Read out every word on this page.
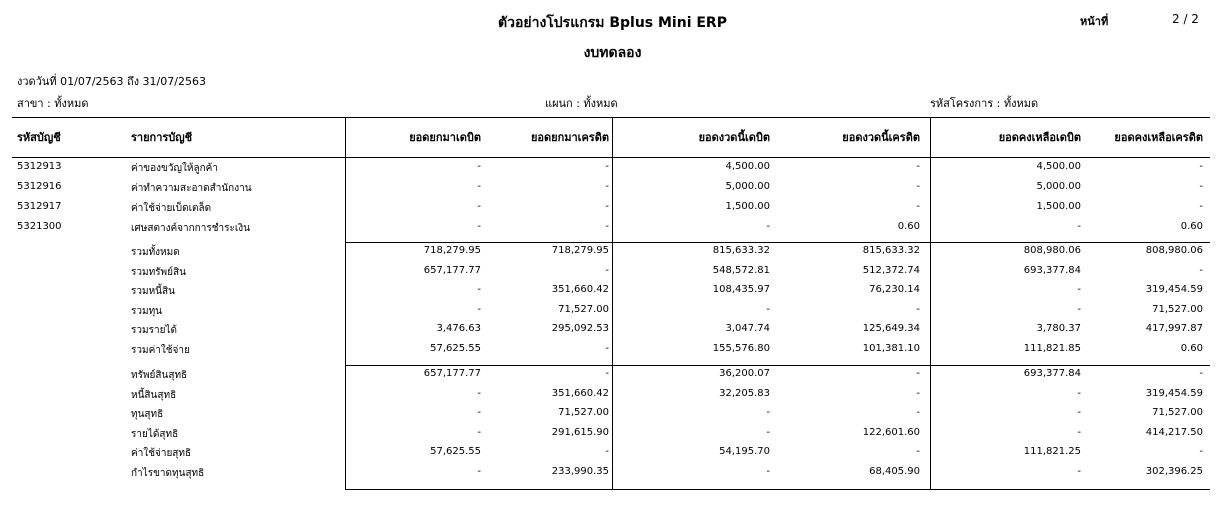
ตัวอย่างโปรแกรม Bplus Mini ERP
งบทดลอง
หน้าที่	2 / 2
งวดวันที่ 01/07/2563 ถึง 31/07/2563
สาขา : ทั้งหมด	แผนก : ทั้งหมด	รหัสโครงการ : ทั้งหมด
รหัสบัญชี	รายการบัญชี	ยอดยกมาเดบิต	ยอดยกมาเครดิต	ยอดงวดนี้เดบิต	ยอดงวดนี้เครดิต	ยอดคงเหลือเดบิต	ยอดคงเหลือเครดิต
5312913	ค่าของขวัญให้ลูกค้า	-	-	4,500.00	-	4,500.00	-
5312916	ค่าทำความสะอาดสำนักงาน	-	-	5,000.00	-	5,000.00	-
5312917	ค่าใช้จ่ายเบ็ดเตล็ด	-	-	1,500.00	-	1,500.00	-
5321300	เศษสตางค์จากการชำระเงิน	-	-	-	0.60	-	0.60
รวมทั้งหมด	718,279.95	718,279.95	815,633.32	815,633.32	808,980.06	808,980.06
รวมทรัพย์สิน	657,177.77	-	548,572.81	512,372.74	693,377.84	-
รวมหนี้สิน	-	351,660.42	108,435.97	76,230.14	-	319,454.59
รวมทุน	-	71,527.00	-	-	-	71,527.00
รวมรายได้	3,476.63	295,092.53	3,047.74	125,649.34	3,780.37	417,997.87
รวมค่าใช้จ่าย	57,625.55	-	155,576.80	101,381.10	111,821.85	0.60
ทรัพย์สินสุทธิ	657,177.77	-	36,200.07	-	693,377.84	-
หนี้สินสุทธิ	-	351,660.42	32,205.83	-	-	319,454.59
ทุนสุทธิ	-	71,527.00	-	-	-	71,527.00
รายได้สุทธิ	-	291,615.90	-	122,601.60	-	414,217.50
ค่าใช้จ่ายสุทธิ	57,625.55	-	54,195.70	-	111,821.25	-
กำไรขาดทุนสุทธิ	-	233,990.35	-	68,405.90	-	302,396.25
